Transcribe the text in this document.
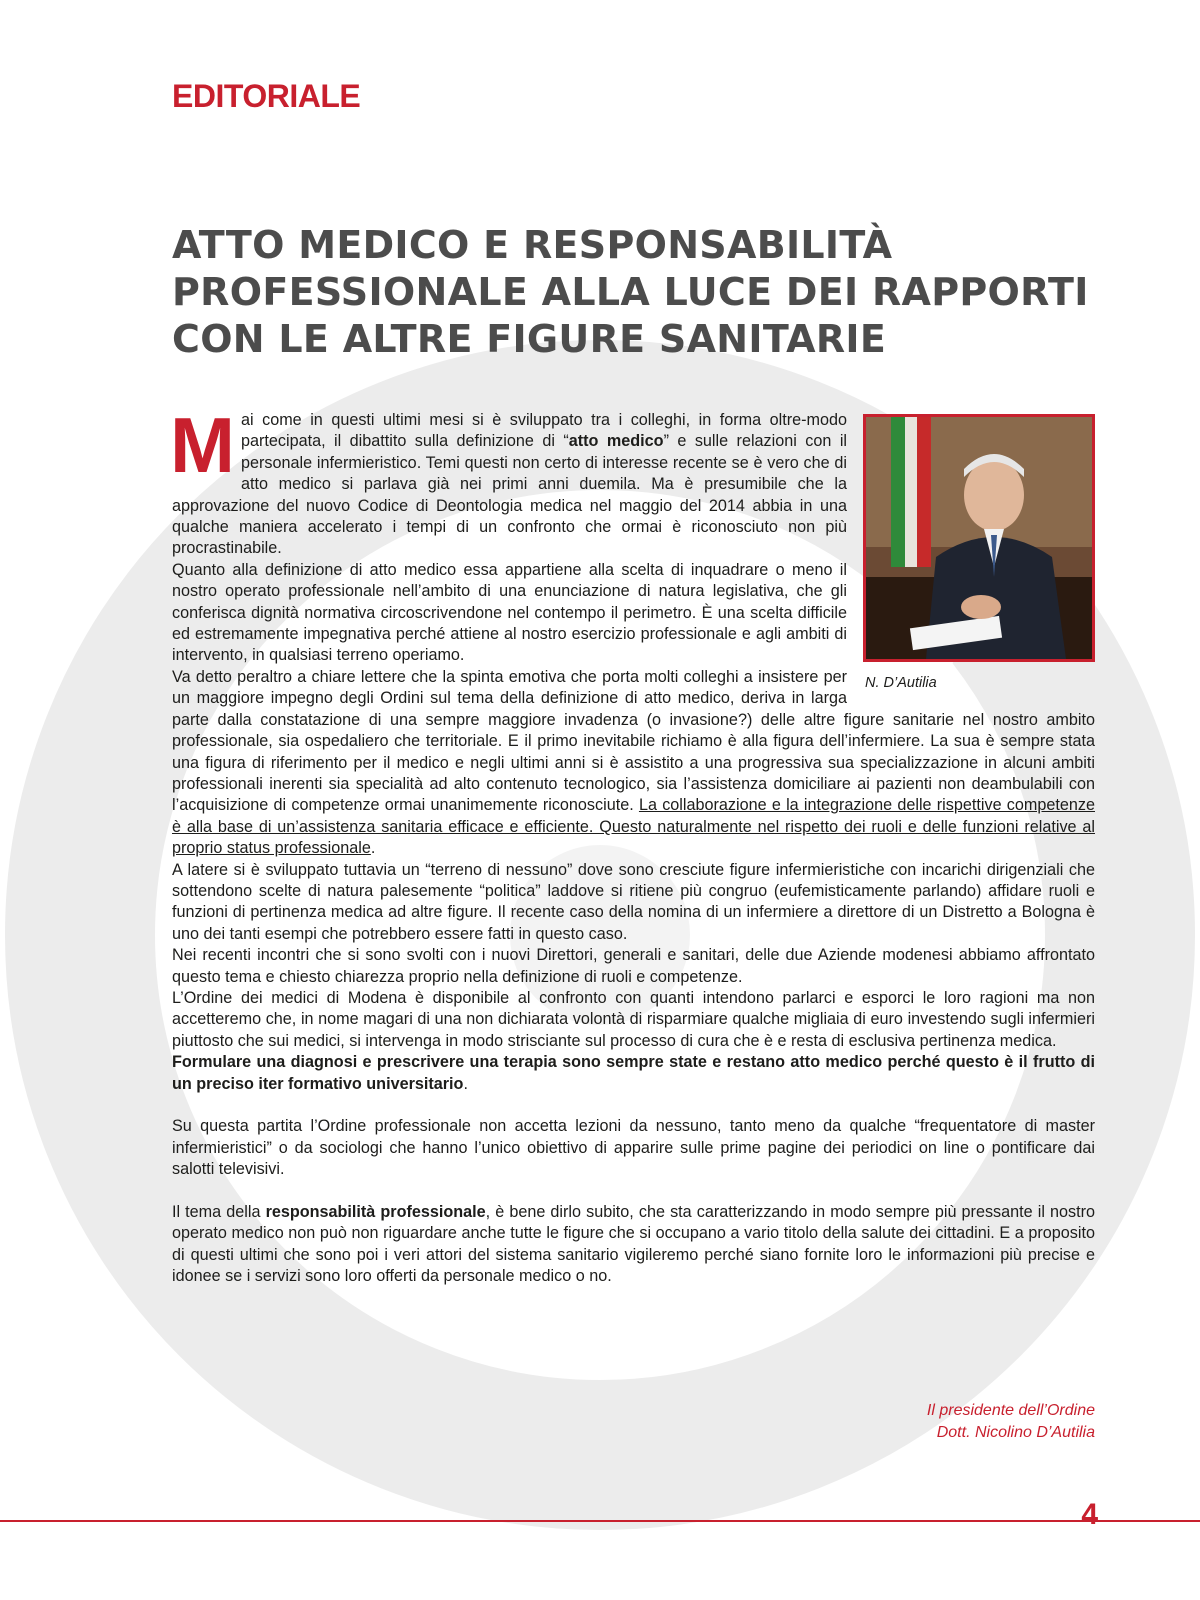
EDITORIALE
ATTO MEDICO E RESPONSABILITÀ
PROFESSIONALE ALLA LUCE DEI RAPPORTI
CON LE ALTRE FIGURE SANITARIE
N. D’Autilia

Mai come in questi ultimi mesi si è sviluppato tra i colleghi, in forma oltre-modo partecipata, il dibattito sulla definizione di “atto medico” e sulle relazioni con il personale infermieristico. Temi questi non certo di interesse recente se è vero che di atto medico si parlava già nei primi anni duemila. Ma è presumibile che la approvazione del nuovo Codice di Deontologia medica nel maggio del 2014 abbia in una qualche maniera accelerato i tempi di un confronto che ormai è riconosciuto non più procrastinabile.

Quanto alla definizione di atto medico essa appartiene alla scelta di inquadrare o meno il nostro operato professionale nell’ambito di una enunciazione di natura legislativa, che gli conferisca dignità normativa circoscrivendone nel contempo il perimetro. È una scelta difficile ed estremamente impegnativa perché attiene al nostro esercizio professionale e agli ambiti di intervento, in qualsiasi terreno operiamo.

Va detto peraltro a chiare lettere che la spinta emotiva che porta molti colleghi a insistere per un maggiore impegno degli Ordini sul tema della definizione di atto medico, deriva in larga parte dalla constatazione di una sempre maggiore invadenza (o invasione?) delle altre figure sanitarie nel nostro ambito professionale, sia ospedaliero che territoriale. E il primo inevitabile richiamo è alla figura dell’infermiere. La sua è sempre stata una figura di riferimento per il medico e negli ultimi anni si è assistito a una progressiva sua specializzazione in alcuni ambiti professionali inerenti sia specialità ad alto contenuto tecnologico, sia l’assistenza domiciliare ai pazienti non deambulabili con l’acquisizione di competenze ormai unanimemente riconosciute. La collaborazione e la integrazione delle rispettive competenze è alla base di un’assistenza sanitaria efficace e efficiente. Questo naturalmente nel rispetto dei ruoli e delle funzioni relative al proprio status professionale.

A latere si è sviluppato tuttavia un “terreno di nessuno” dove sono cresciute figure infermieristiche con incarichi dirigenziali che sottendono scelte di natura palesemente “politica” laddove si ritiene più congruo (eufemisticamente parlando) affidare ruoli e funzioni di pertinenza medica ad altre figure. Il recente caso della nomina di un infermiere a direttore di un Distretto a Bologna è uno dei tanti esempi che potrebbero essere fatti in questo caso.

Nei recenti incontri che si sono svolti con i nuovi Direttori, generali e sanitari, delle due Aziende modenesi abbiamo affrontato questo tema e chiesto chiarezza proprio nella definizione di ruoli e competenze.

L’Ordine dei medici di Modena è disponibile al confronto con quanti intendono parlarci e esporci le loro ragioni ma non accetteremo che, in nome magari di una non dichiarata volontà di risparmiare qualche migliaia di euro investendo sugli infermieri piuttosto che sui medici, si intervenga in modo strisciante sul processo di cura che è e resta di esclusiva pertinenza medica.

Formulare una diagnosi e prescrivere una terapia sono sempre state e restano atto medico perché questo è il frutto di un preciso iter formativo universitario.

Su questa partita l’Ordine professionale non accetta lezioni da nessuno, tanto meno da qualche “frequentatore di master infermieristici” o da sociologi che hanno l’unico obiettivo di apparire sulle prime pagine dei periodici on line o pontificare dai salotti televisivi.

Il tema della responsabilità professionale, è bene dirlo subito, che sta caratterizzando in modo sempre più pressante il nostro operato medico non può non riguardare anche tutte le figure che si occupano a vario titolo della salute dei cittadini. E a proposito di questi ultimi che sono poi i veri attori del sistema sanitario vigileremo perché siano fornite loro le informazioni più precise e idonee se i servizi sono loro offerti da personale medico o no.

Il presidente dell’Ordine
Dott. Nicolino D’Autilia
4
